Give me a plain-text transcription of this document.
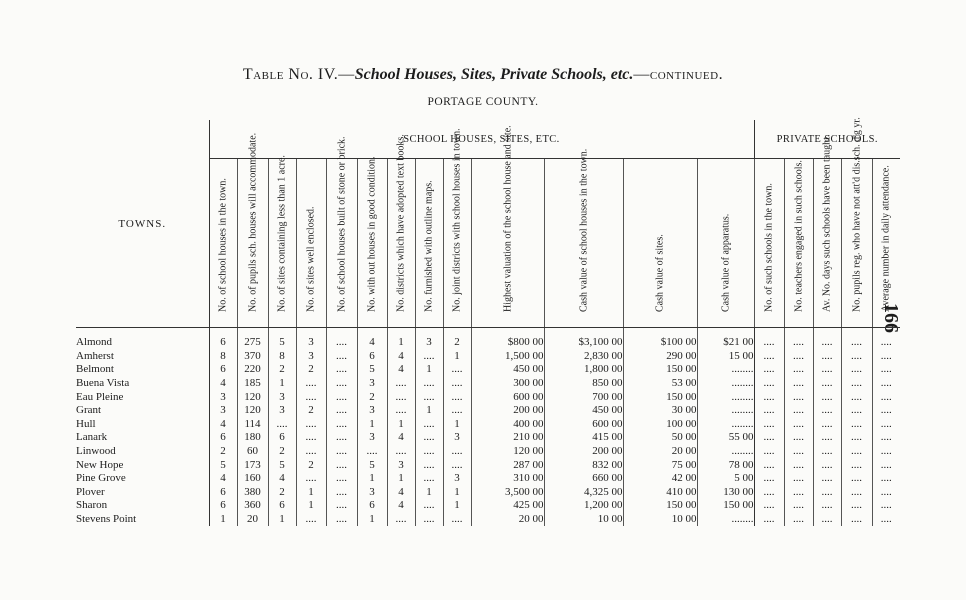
Table No. IV.—School Houses, Sites, Private Schools, etc.—continued.
PORTAGE COUNTY.
166
TOWNS.	SCHOOL HOUSES, SITES, ETC.													PRIVATE SCHOOLS.				

	No. of school houses in the town.	No. of pupils sch. houses will accommodate.	No. of sites containing less than 1 acre.	No. of sites well enclosed.	No. of school houses built of stone or brick.	No. with out houses in good condition.	No. districts which have adopted text books.	No. furnished with outline maps.	No. joint districts with school houses in town.	Highest valuation of the school house and site.	Cash value of school houses in the town.	Cash value of sites.	Cash value of apparatus.	No. of such schools in the town.	No. teachers engaged in such schools.	Av. No. days such schools have been taught.	No. pupils reg. who have not att'd dis.sch. d'g yr.	Average number in daily attendance.

Almond	6	275	5	3	....	4	1	3	2	$800 00	$3,100 00	$100 00	$21 00	....	....	....	....	....
Amherst	8	370	8	3	....	6	4	....	1	1,500 00	2,830 00	290 00	15 00	....	....	....	....	....
Belmont	6	220	2	2	....	5	4	1	....	450 00	1,800 00	150 00	........	....	....	....	....	....
Buena Vista	4	185	1	....	....	3	....	....	....	300 00	850 00	53 00	........	....	....	....	....	....
Eau Pleine	3	120	3	....	....	2	....	....	....	600 00	700 00	150 00	........	....	....	....	....	....
Grant	3	120	3	2	....	3	....	1	....	200 00	450 00	30 00	........	....	....	....	....	....
Hull	4	114	....	....	....	1	1	....	1	400 00	600 00	100 00	........	....	....	....	....	....
Lanark	6	180	6	....	....	3	4	....	3	210 00	415 00	50 00	55 00	....	....	....	....	....
Linwood	2	60	2	....	....	....	....	....	....	120 00	200 00	20 00	........	....	....	....	....	....
New Hope	5	173	5	2	....	5	3	....	....	287 00	832 00	75 00	78 00	....	....	....	....	....
Pine Grove	4	160	4	....	....	1	1	....	3	310 00	660 00	42 00	5 00	....	....	....	....	....
Plover	6	380	2	1	....	3	4	1	1	3,500 00	4,325 00	410 00	130 00	....	....	....	....	....
Sharon	6	360	6	1	....	6	4	....	1	425 00	1,200 00	150 00	150 00	....	....	....	....	....
Stevens Point	1	20	1	....	....	1	....	....	....	20 00	10 00	10 00	........	....	....	....	....	....
